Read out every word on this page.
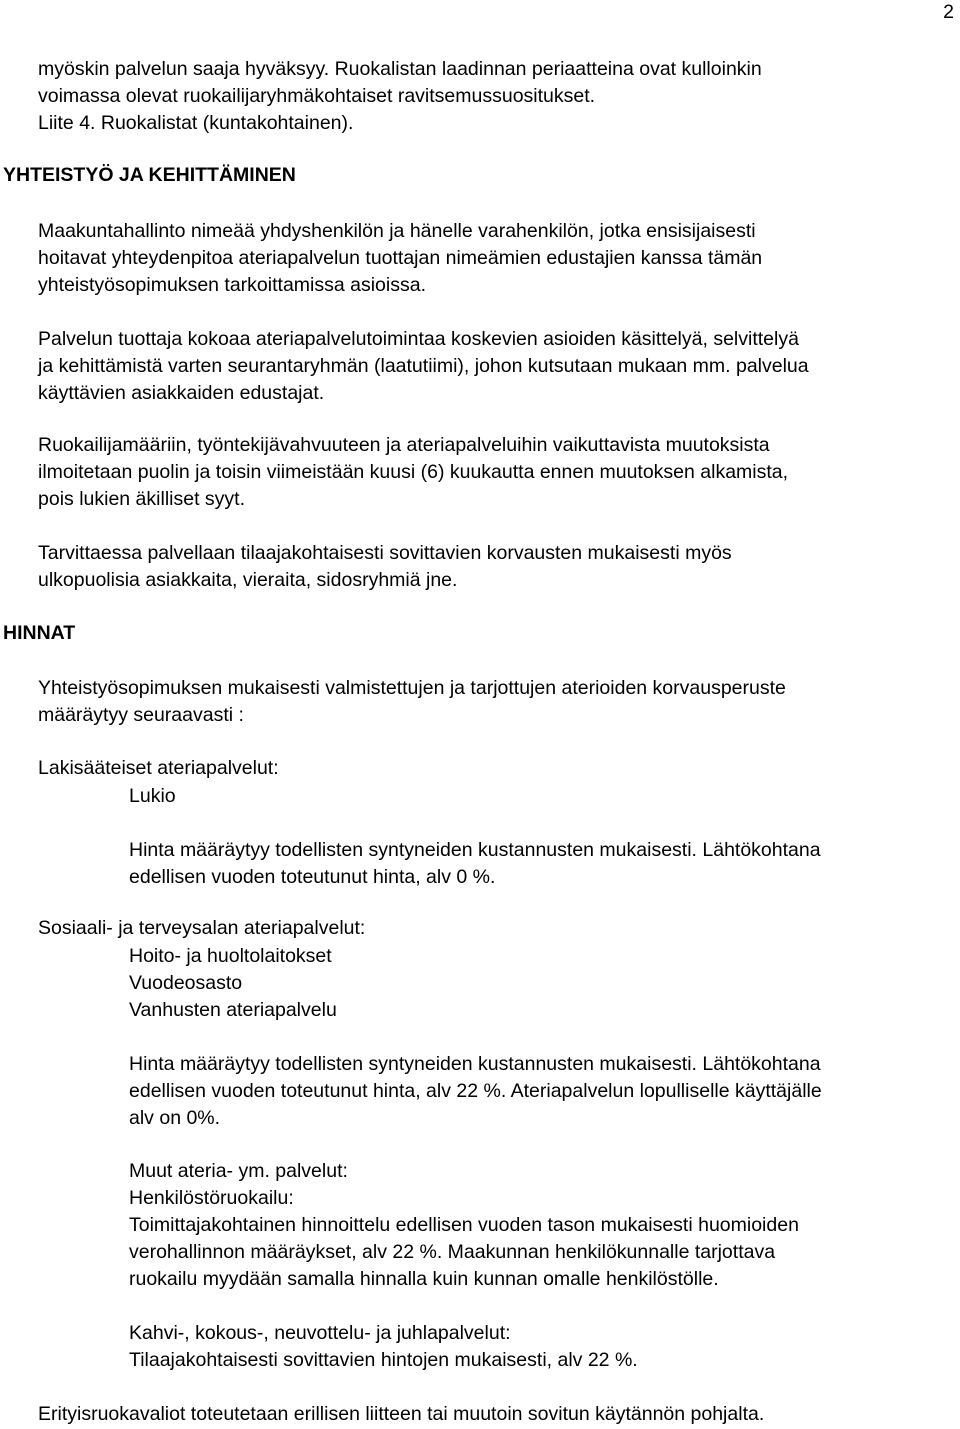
2

myöskin palvelun saaja hyväksyy. Ruokalistan laadinnan periaatteina ovat kulloinkin
voimassa olevat ruokailijaryhmäkohtaiset ravitsemussuositukset.
Liite 4. Ruokalistat (kuntakohtainen).

YHTEISTYÖ JA KEHITTÄMINEN

Maakuntahallinto nimeää yhdyshenkilön ja hänelle varahenkilön, jotka ensisijaisesti
hoitavat yhteydenpitoa ateriapalvelun tuottajan nimeämien edustajien kanssa tämän
yhteistyösopimuksen tarkoittamissa asioissa.

Palvelun tuottaja kokoaa ateriapalvelutoimintaa koskevien asioiden käsittelyä, selvittelyä
ja kehittämistä varten seurantaryhmän (laatutiimi), johon kutsutaan mukaan mm. palvelua
käyttävien asiakkaiden edustajat.

Ruokailijamääriin, työntekijävahvuuteen ja ateriapalveluihin vaikuttavista muutoksista
ilmoitetaan puolin ja toisin viimeistään kuusi (6) kuukautta ennen muutoksen alkamista,
pois lukien äkilliset syyt.

Tarvittaessa palvellaan tilaajakohtaisesti sovittavien korvausten mukaisesti myös
ulkopuolisia asiakkaita, vieraita, sidosryhmiä jne.

HINNAT

Yhteistyösopimuksen mukaisesti valmistettujen ja tarjottujen aterioiden korvausperuste
määräytyy seuraavasti :

Lakisääteiset ateriapalvelut:

Lukio

Hinta määräytyy todellisten syntyneiden kustannusten mukaisesti. Lähtökohtana
edellisen vuoden toteutunut hinta, alv 0 %.

Sosiaali- ja terveysalan ateriapalvelut:

Hoito- ja huoltolaitokset
Vuodeosasto
Vanhusten ateriapalvelu

Hinta määräytyy todellisten syntyneiden kustannusten mukaisesti. Lähtökohtana
edellisen vuoden toteutunut hinta, alv 22 %. Ateriapalvelun lopulliselle käyttäjälle
alv on 0%.

Muut ateria- ym. palvelut:
Henkilöstöruokailu:
Toimittajakohtainen hinnoittelu edellisen vuoden tason mukaisesti huomioiden
verohallinnon määräykset, alv 22 %. Maakunnan henkilökunnalle tarjottava
ruokailu myydään samalla hinnalla kuin kunnan omalle henkilöstölle.

Kahvi-, kokous-, neuvottelu- ja juhlapalvelut:
Tilaajakohtaisesti sovittavien hintojen mukaisesti, alv 22 %.

Erityisruokavaliot toteutetaan erillisen liitteen tai muutoin sovitun käytännön pohjalta.
